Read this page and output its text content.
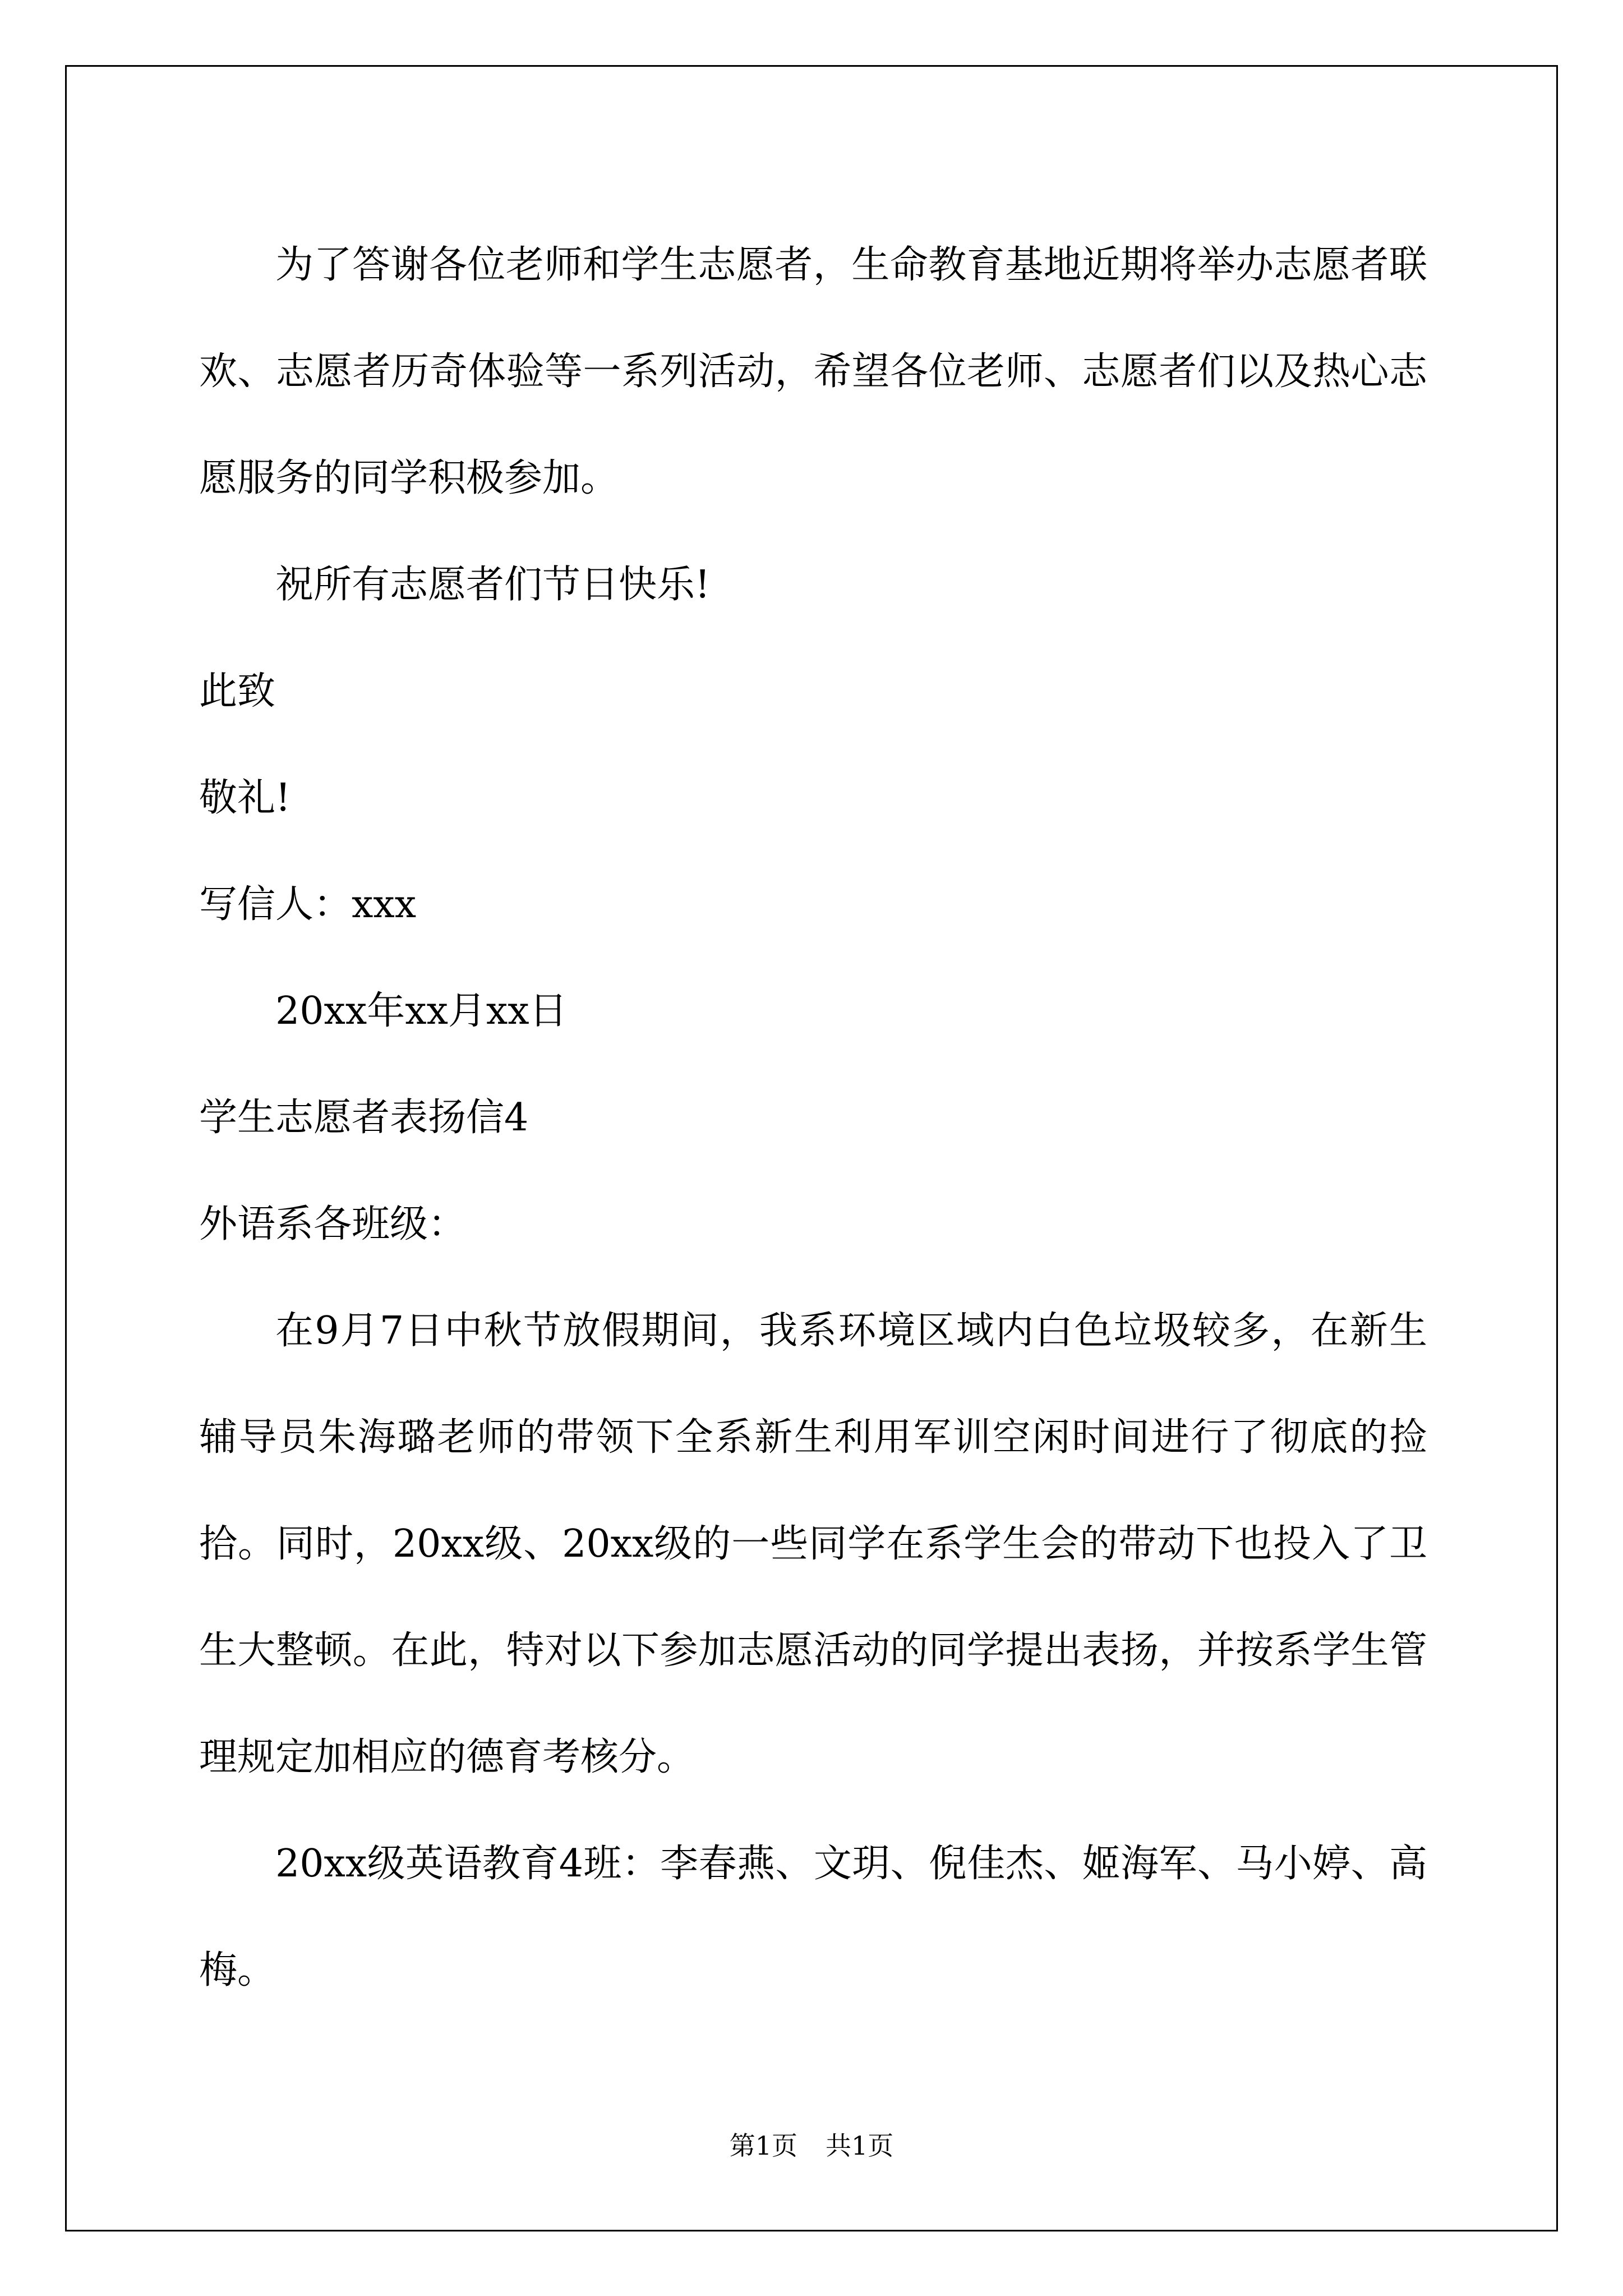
为了答谢各位老师和学生志愿者，生命教育基地近期将举办志愿者联欢、志愿者历奇体验等一系列活动，希望各位老师、志愿者们以及热心志愿服务的同学积极参加。

祝所有志愿者们节日快乐!

此致

敬礼!

写信人：xxx

20xx年xx月xx日

学生志愿者表扬信4

外语系各班级：

在9月7日中秋节放假期间，我系环境区域内白色垃圾较多，在新生辅导员朱海璐老师的带领下全系新生利用军训空闲时间进行了彻底的捡拾。同时，20xx级、20xx级的一些同学在系学生会的带动下也投入了卫生大整顿。在此，特对以下参加志愿活动的同学提出表扬，并按系学生管理规定加相应的德育考核分。

20xx级英语教育4班：李春燕、文玥、倪佳杰、姬海军、马小婷、高梅。

第1页 共1页
